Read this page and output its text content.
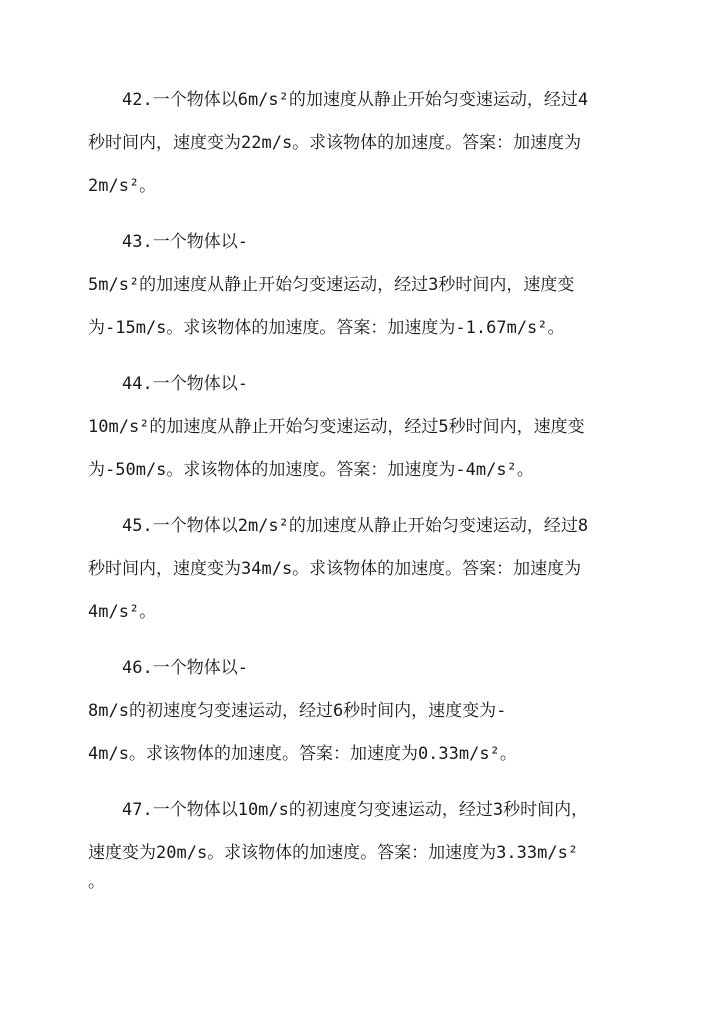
42.一个物体以6m/s²的加速度从静止开始匀变速运动，经过4
秒时间内，速度变为22m/s。求该物体的加速度。答案：加速度为
2m/s²。
43.一个物体以-
5m/s²的加速度从静止开始匀变速运动，经过3秒时间内，速度变
为-15m/s。求该物体的加速度。答案：加速度为-1.67m/s²。
44.一个物体以-
10m/s²的加速度从静止开始匀变速运动，经过5秒时间内，速度变
为-50m/s。求该物体的加速度。答案：加速度为-4m/s²。
45.一个物体以2m/s²的加速度从静止开始匀变速运动，经过8
秒时间内，速度变为34m/s。求该物体的加速度。答案：加速度为
4m/s²。
46.一个物体以-
8m/s的初速度匀变速运动，经过6秒时间内，速度变为-
4m/s。求该物体的加速度。答案：加速度为0.33m/s²。
47.一个物体以10m/s的初速度匀变速运动，经过3秒时间内，
速度变为20m/s。求该物体的加速度。答案：加速度为3.33m/s²
。
